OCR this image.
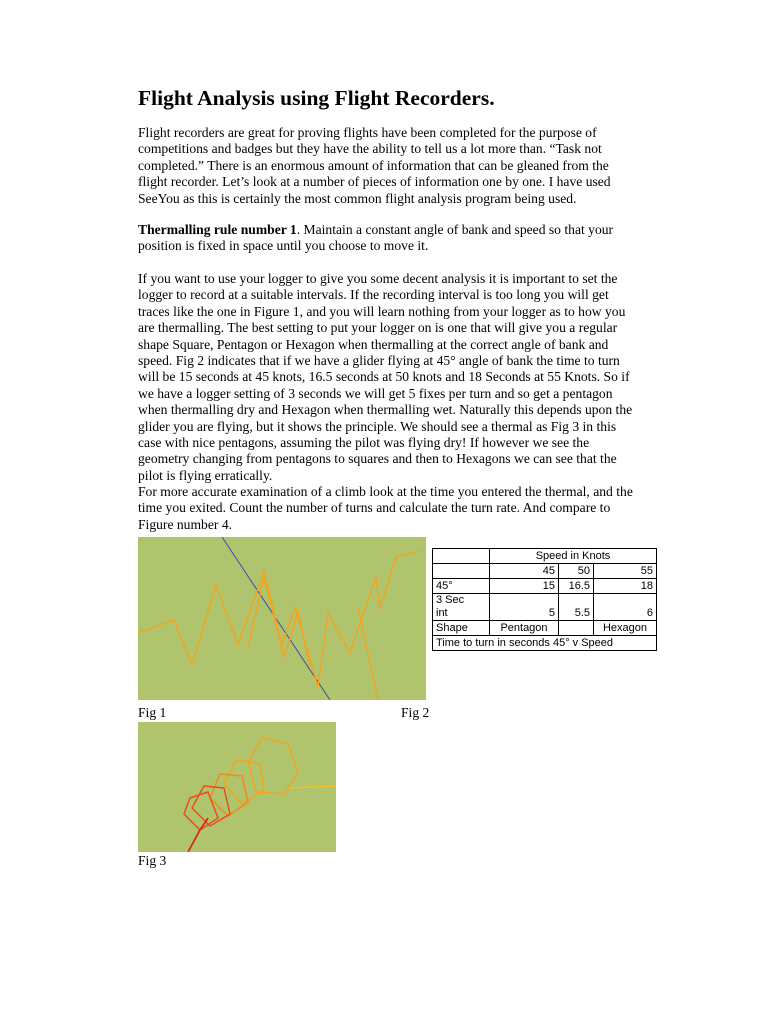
Flight Analysis using Flight Recorders.

Flight recorders are great for proving flights have been completed for the purpose of competitions and badges but they have the ability to tell us a lot more than. “Task not completed.” There is an enormous amount of information that can be gleaned from the flight recorder. Let’s look at a number of pieces of information one by one. I have used SeeYou as this is certainly the most common flight analysis program being used.

Thermalling rule number 1. Maintain a constant angle of bank and speed so that your position is fixed in space until you choose to move it.

If you want to use your logger to give you some decent analysis it is important to set the logger to record at a suitable intervals. If the recording interval is too long you will get traces like the one in Figure 1, and you will learn nothing from your logger as to how you are thermalling. The best setting to put your logger on is one that will give you a regular shape Square, Pentagon or Hexagon when thermalling at the correct angle of bank and speed. Fig 2 indicates that if we have a glider flying at 45° angle of bank the time to turn will be 15 seconds at 45 knots, 16.5 seconds at 50 knots and 18 Seconds at 55 Knots. So if we have a logger setting of 3 seconds we will get 5 fixes per turn and so get a pentagon when thermalling dry and Hexagon when thermalling wet. Naturally this depends upon the glider you are flying, but it shows the principle. We should see a thermal as Fig 3 in this case with nice pentagons, assuming the pilot was flying dry! If however we see the geometry changing from pentagons to squares and then to Hexagons we can see that the pilot is flying erratically.

For more accurate examination of a climb look at the time you entered the thermal, and the time you exited. Count the number of turns and calculate the turn rate. And compare to Figure number 4.

Fig 1	Fig 2
	Speed in Knots		
	45	50	55
45°	15	16.5	18
3 Sec
int	5	5.5	6
Shape	Pentagon		Hexagon
Time to turn in seconds 45° v Speed			
Fig 3
